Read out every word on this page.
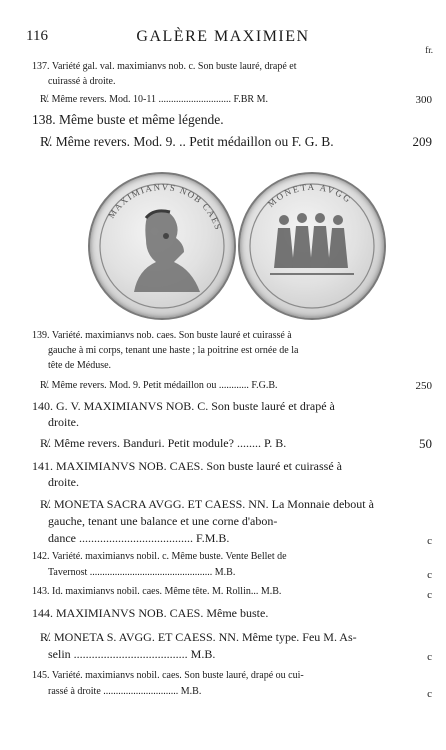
116	GALÈRE MAXIMIEN
fr.
137. Variété gal. val. maximianvs nob. c. Son buste lauré, drapé et
cuirassé à droite.
R̸. Même revers. Mod. 10-11 ............................. F.BR M.	300
138. Même buste et même légende.
R̸. Même revers. Mod. 9. .. Petit médaillon ou F. G. B.	209
MAXIMIANVS NOB CAES
MONETA AVGG
139. Variété. maximianvs nob. caes. Son buste lauré et cuirassé à
gauche à mi corps, tenant une haste ; la poitrine est ornée de la
tête de Méduse.
R̸. Même revers. Mod. 9. Petit médaillon ou ............ F.G.B.	250
140. G. V. MAXIMIANVS NOB. C. Son buste lauré et drapé à
droite.
R̸. Même revers. Banduri. Petit module? ........ P. B.	50
141. MAXIMIANVS NOB. CAES. Son buste lauré et cuirassé à
droite.
R̸. MONETA SACRA AVGG. ET CAESS. NN. La Monnaie debout à
gauche, tenant une balance et une corne d'abon-
dance ...................................... F.M.B.	c
142. Variété. maximianvs nobil. c. Même buste. Vente Bellet de
Tavernost ................................................. M.B.	c
143. Id. maximianvs nobil. caes. Même tête. M. Rollin... M.B.	c
144. MAXIMIANVS NOB. CAES. Même buste.
R̸. MONETA S. AVGG. ET CAESS. NN. Même type. Feu M. As-
selin ...................................... M.B.	c
145. Variété. maximianvs nobil. caes. Son buste lauré, drapé ou cui-
rassé à droite .............................. M.B.	c
